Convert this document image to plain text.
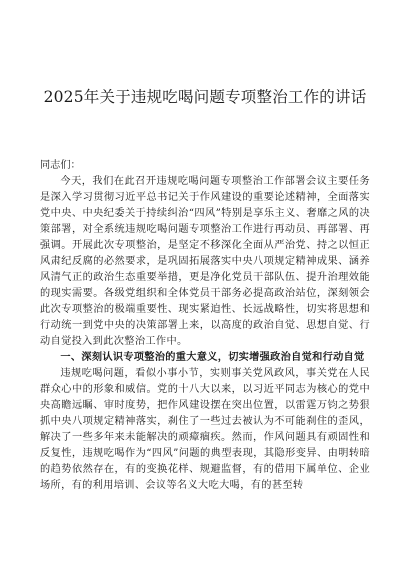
2025年关于违规吃喝问题专项整治工作的讲话

同志们：

今天，我们在此召开违规吃喝问题专项整治工作部署会议主要任务是深入学习贯彻习近平总书记关于作风建设的重要论述精神，全面落实党中央、中央纪委关于持续纠治“四风”特别是享乐主义、奢靡之风的决策部署，对全系统违规吃喝问题专项整治工作进行再动员、再部署、再强调。开展此次专项整治，是坚定不移深化全面从严治党、持之以恒正风肃纪反腐的必然要求，是巩固拓展落实中央八项规定精神成果、涵养风清气正的政治生态重要举措，更是净化党员干部队伍、提升治理效能的现实需要。各级党组织和全体党员干部务必提高政治站位，深刻领会此次专项整治的极端重要性、现实紧迫性、长远战略性，切实将思想和行动统一到党中央的决策部署上来，以高度的政治自觉、思想自觉、行动自觉投入到此次整治工作中。

一、深刻认识专项整治的重大意义，切实增强政治自觉和行动自觉

违规吃喝问题，看似小事小节，实则事关党风政风，事关党在人民群众心中的形象和威信。党的十八大以来，以习近平同志为核心的党中央高瞻远瞩、审时度势，把作风建设摆在突出位置，以雷霆万钧之势狠抓中央八项规定精神落实，刹住了一些过去被认为不可能刹住的歪风，解决了一些多年来未能解决的顽瘴痼疾。然而，作风问题具有顽固性和反复性，违规吃喝作为“四风”问题的典型表现，其隐形变异、由明转暗的趋势依然存在，有的变换花样、规避监督，有的借用下属单位、企业场所，有的利用培训、会议等名义大吃大喝，有的甚至转
